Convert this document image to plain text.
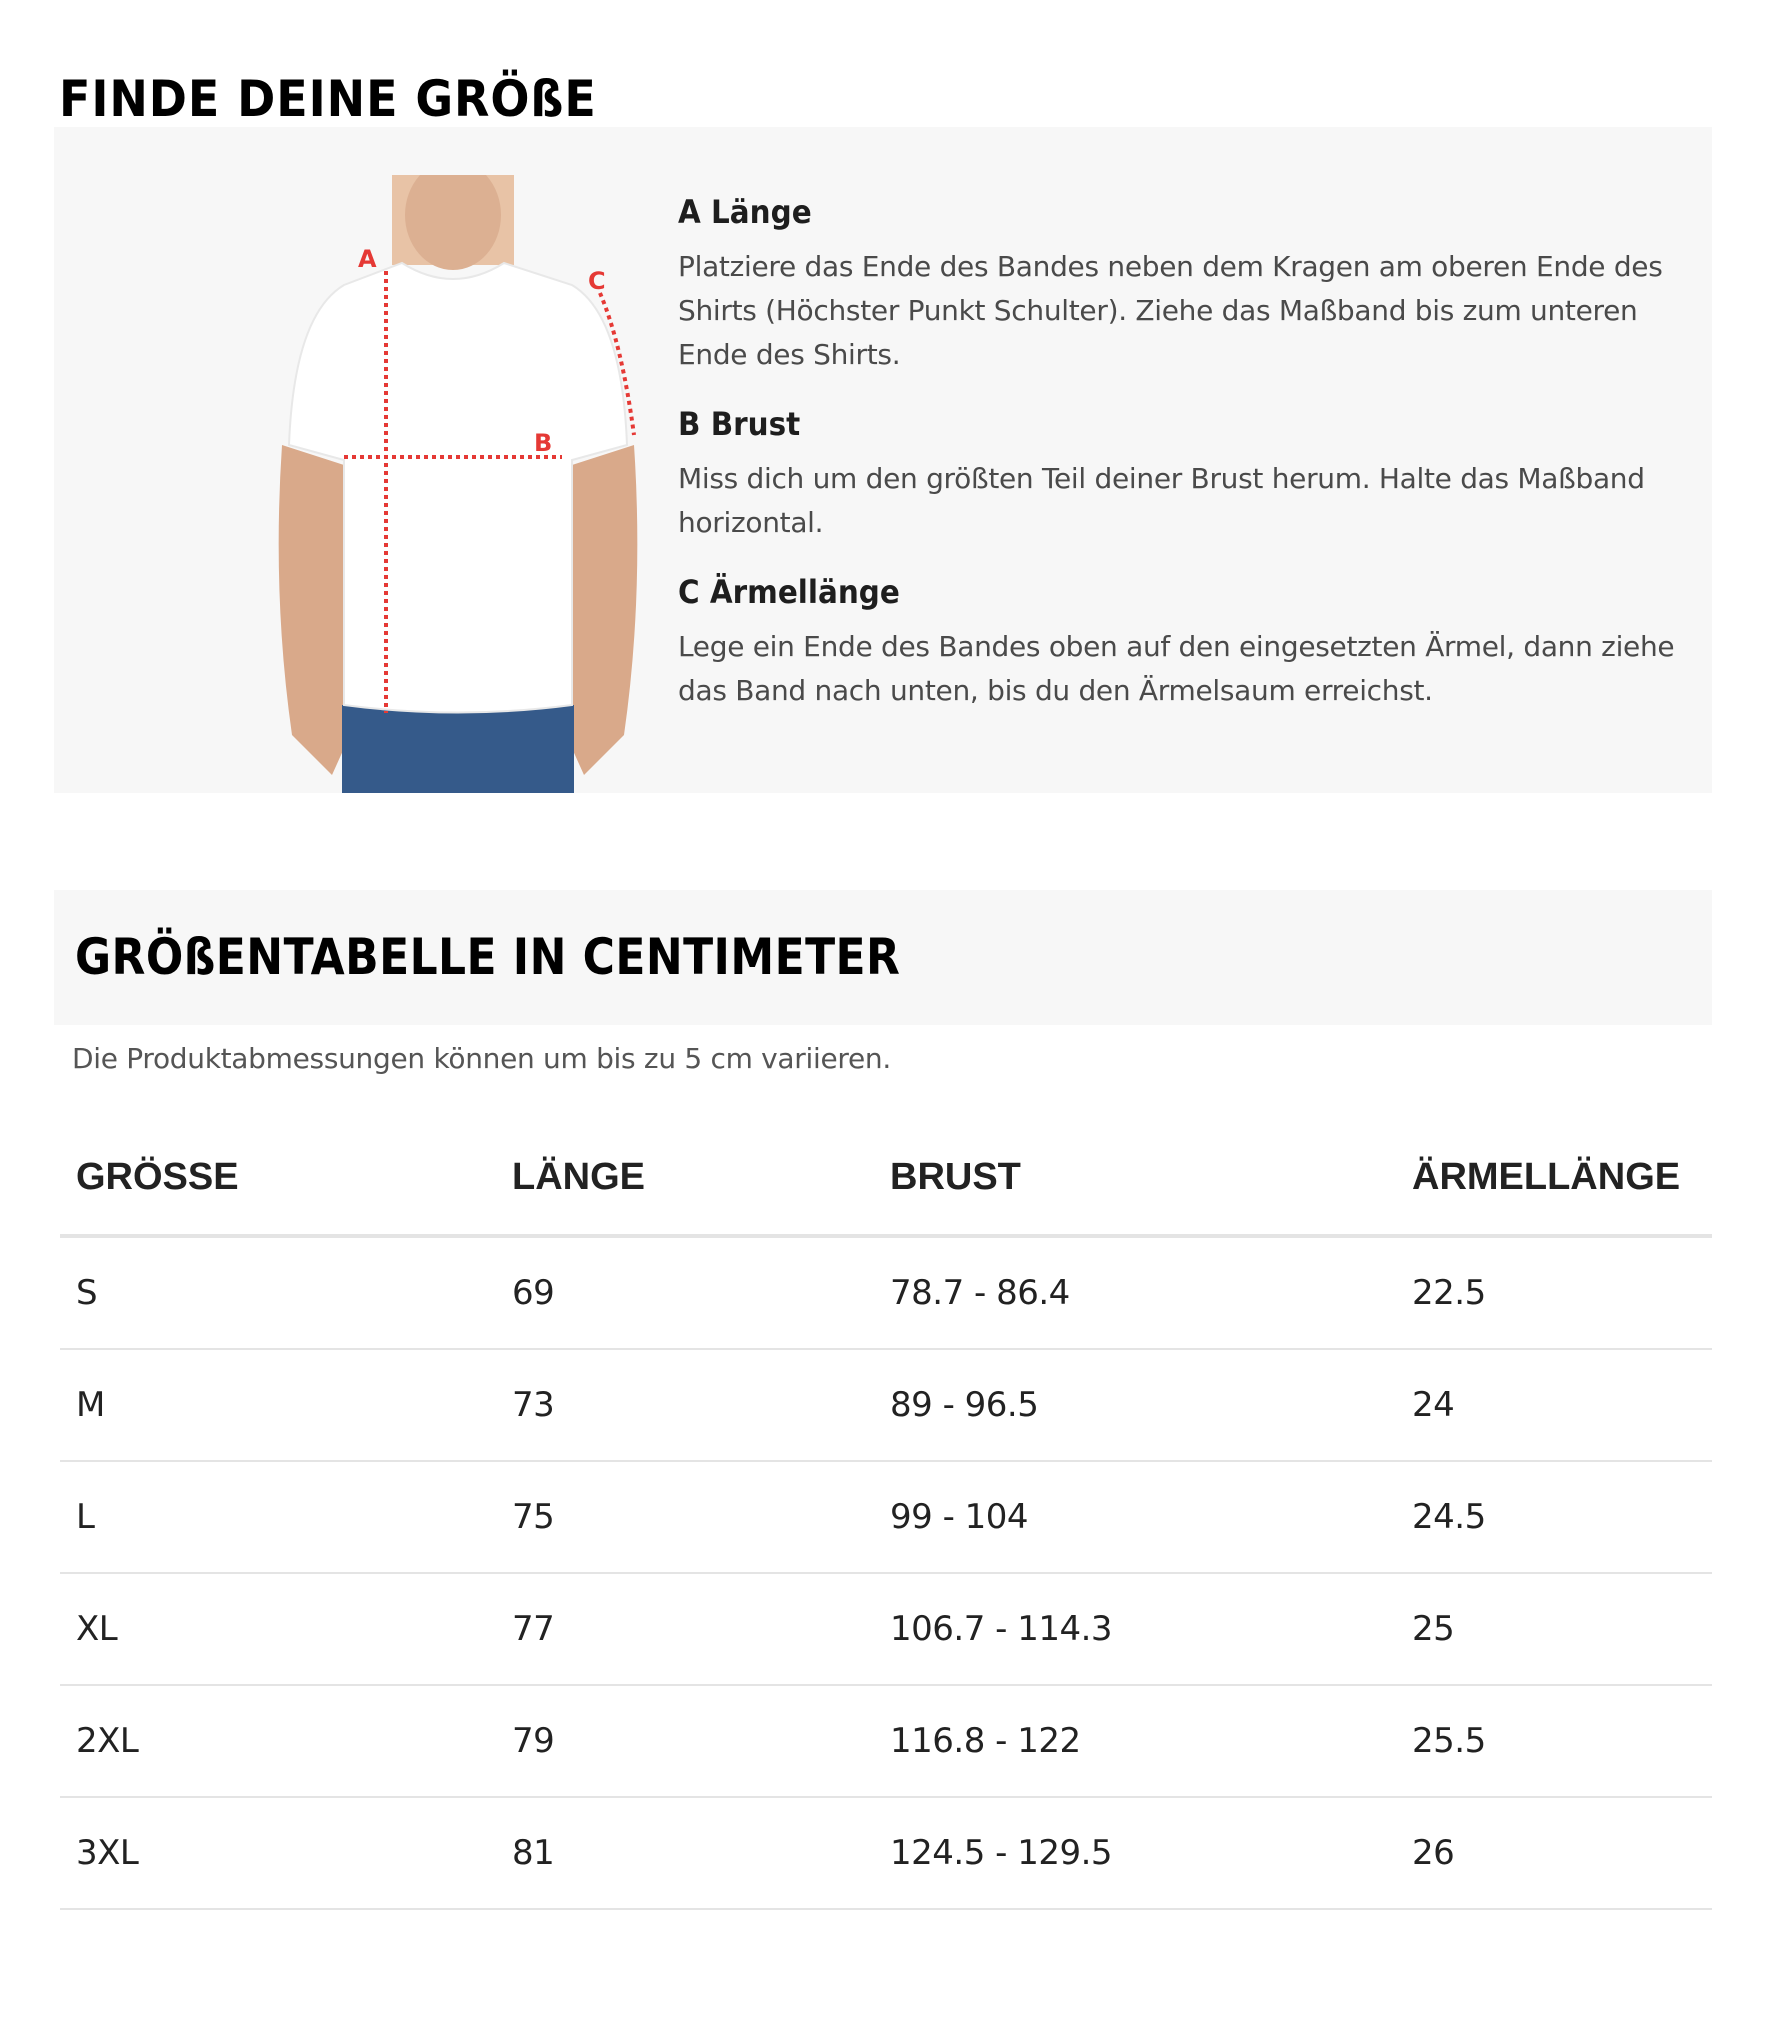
FINDE DEINE GRÖßE
A
B
C
A Länge

Platziere das Ende des Bandes neben dem Kragen am oberen Ende des Shirts (Höchster Punkt Schulter). Ziehe das Maßband bis zum unteren Ende des Shirts.

B Brust

Miss dich um den größten Teil deiner Brust herum. Halte das Maßband horizontal.

C Ärmellänge

Lege ein Ende des Bandes oben auf den eingesetzten Ärmel, dann ziehe das Band nach unten, bis du den Ärmelsaum erreichst.

GRÖßENTABELLE IN CENTIMETER
Die Produktabmessungen können um bis zu 5 cm variieren.
GRÖSSE	LÄNGE	BRUST	ÄRMELLÄNGE
S	69	78.7 - 86.4	22.5
M	73	89 - 96.5	24
L	75	99 - 104	24.5
XL	77	106.7 - 114.3	25
2XL	79	116.8 - 122	25.5
3XL	81	124.5 - 129.5	26
